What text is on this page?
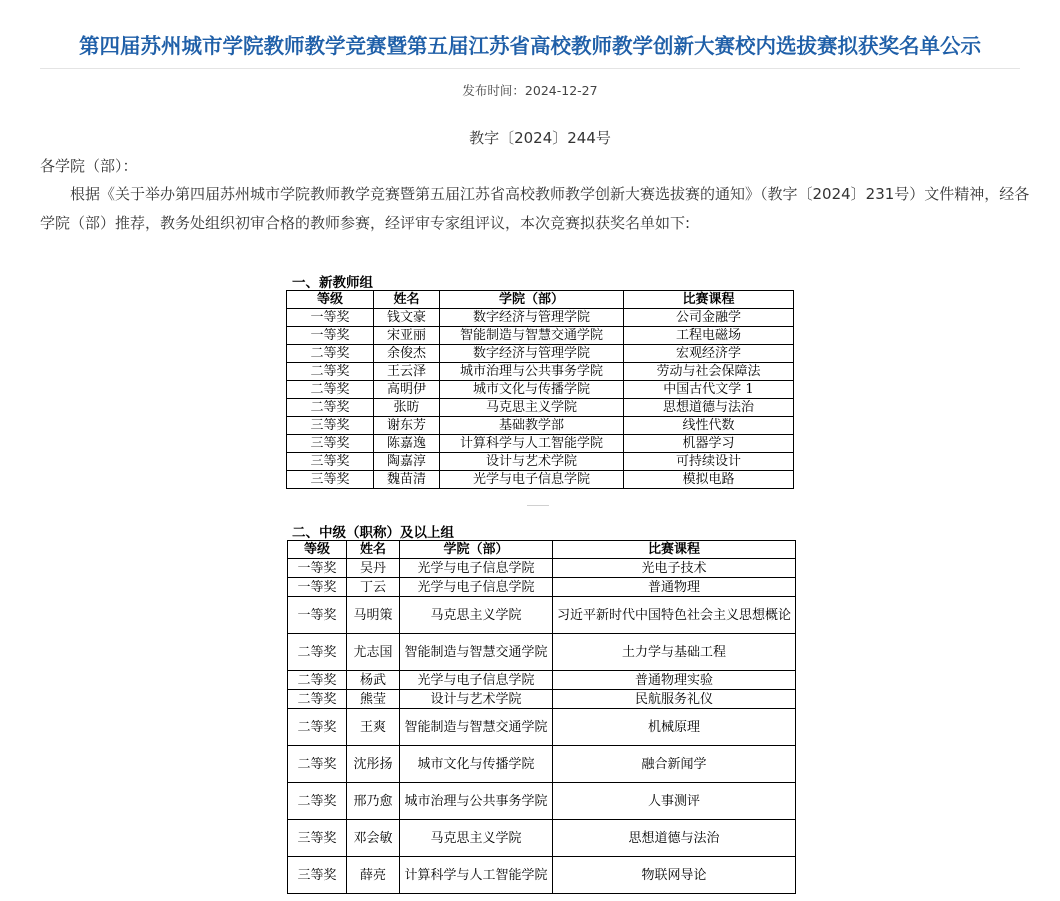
第四届苏州城市学院教师教学竞赛暨第五届江苏省高校教师教学创新大赛校内选拔赛拟获奖名单公示
发布时间：2024-12-27
教字〔2024〕244号
各学院（部）：

根据《关于举办第四届苏州城市学院教师教学竞赛暨第五届江苏省高校教师教学创新大赛选拔赛的通知》（教字〔2024〕231号）文件精神，经各学院（部）推荐，教务处组织初审合格的教师参赛，经评审专家组评议，本次竞赛拟获奖名单如下:

一、新教师组
等级	姓名	学院（部）	比赛课程
一等奖	钱文豪	数字经济与管理学院	公司金融学
一等奖	宋亚丽	智能制造与智慧交通学院	工程电磁场
二等奖	余俊杰	数字经济与管理学院	宏观经济学
二等奖	王云泽	城市治理与公共事务学院	劳动与社会保障法
二等奖	高明伊	城市文化与传播学院	中国古代文学 1
二等奖	张昉	马克思主义学院	思想道德与法治
三等奖	谢东芳	基础教学部	线性代数
三等奖	陈嘉逸	计算科学与人工智能学院	机器学习
三等奖	陶嘉淳	设计与艺术学院	可持续设计
三等奖	魏苗清	光学与电子信息学院	模拟电路
二、中级（职称）及以上组
等级	姓名	学院（部）	比赛课程
一等奖	吴丹	光学与电子信息学院	光电子技术
一等奖	丁云	光学与电子信息学院	普通物理
一等奖	马明策	马克思主义学院	习近平新时代中国特色社会主义思想概论
二等奖	尤志国	智能制造与智慧交通学院	土力学与基础工程
二等奖	杨武	光学与电子信息学院	普通物理实验
二等奖	熊莹	设计与艺术学院	民航服务礼仪
二等奖	王爽	智能制造与智慧交通学院	机械原理
二等奖	沈彤扬	城市文化与传播学院	融合新闻学
二等奖	邢乃愈	城市治理与公共事务学院	人事测评
三等奖	邓会敏	马克思主义学院	思想道德与法治
三等奖	薛亮	计算科学与人工智能学院	物联网导论
